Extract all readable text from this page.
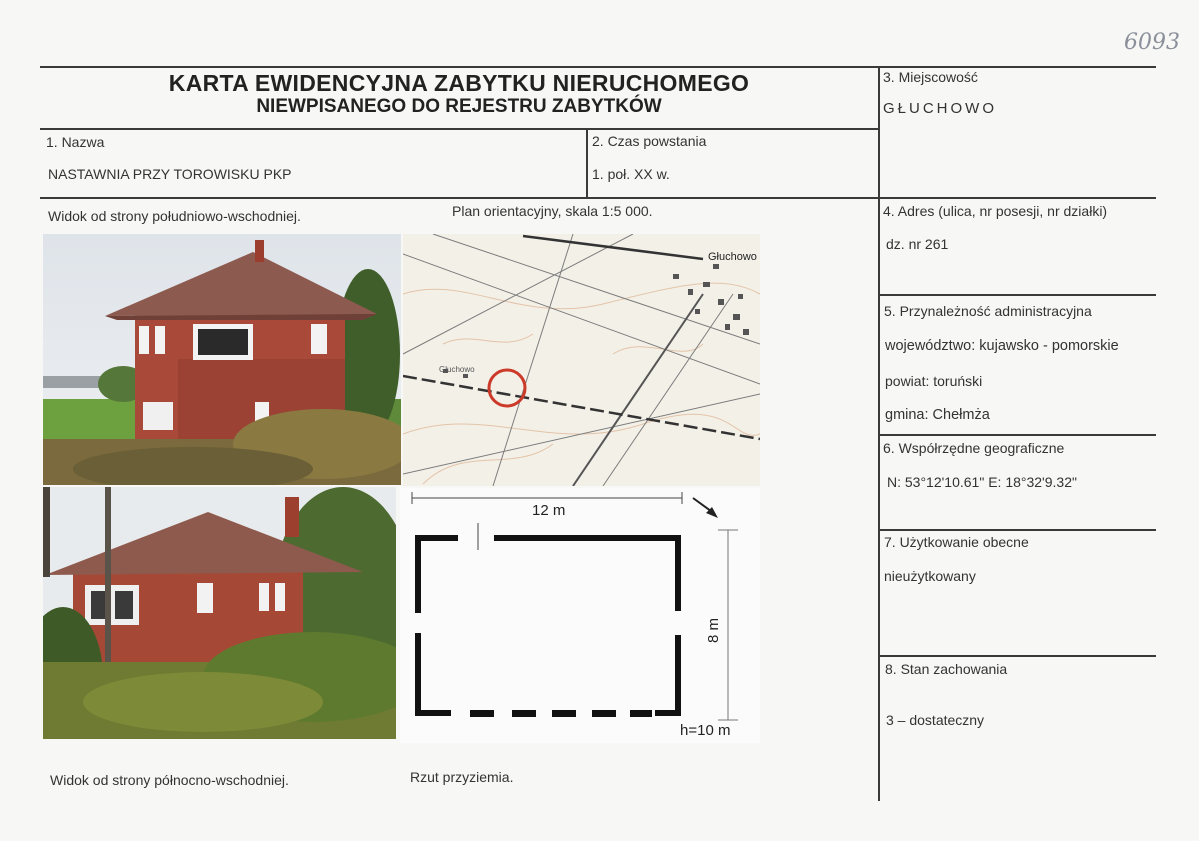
6093
KARTA EWIDENCYJNA ZABYTKU NIERUCHOMEGO
NIEWPISANEGO DO REJESTRU ZABYTKÓW
1. Nazwa
NASTAWNIA PRZY TOROWISKU PKP
2. Czas powstania
1. poł. XX w.
3. Miejscowość
GŁUCHOWO
4. Adres (ulica, nr posesji, nr działki)
dz. nr 261
5. Przynależność administracyjna
województwo: kujawsko - pomorskie
powiat: toruński
gmina: Chełmża
6. Współrzędne geograficzne
N: 53°12'10.61" E: 18°32'9.32"
7. Użytkowanie obecne
nieużytkowany
8. Stan zachowania
3 – dostateczny
Widok od strony południowo-wschodniej.	Plan orientacyjny, skala 1:5 000.
Widok od strony północno-wschodniej.	Rzut przyziemia.
Głuchowo
Głuchowo
12 m
8 m
h=10 m
